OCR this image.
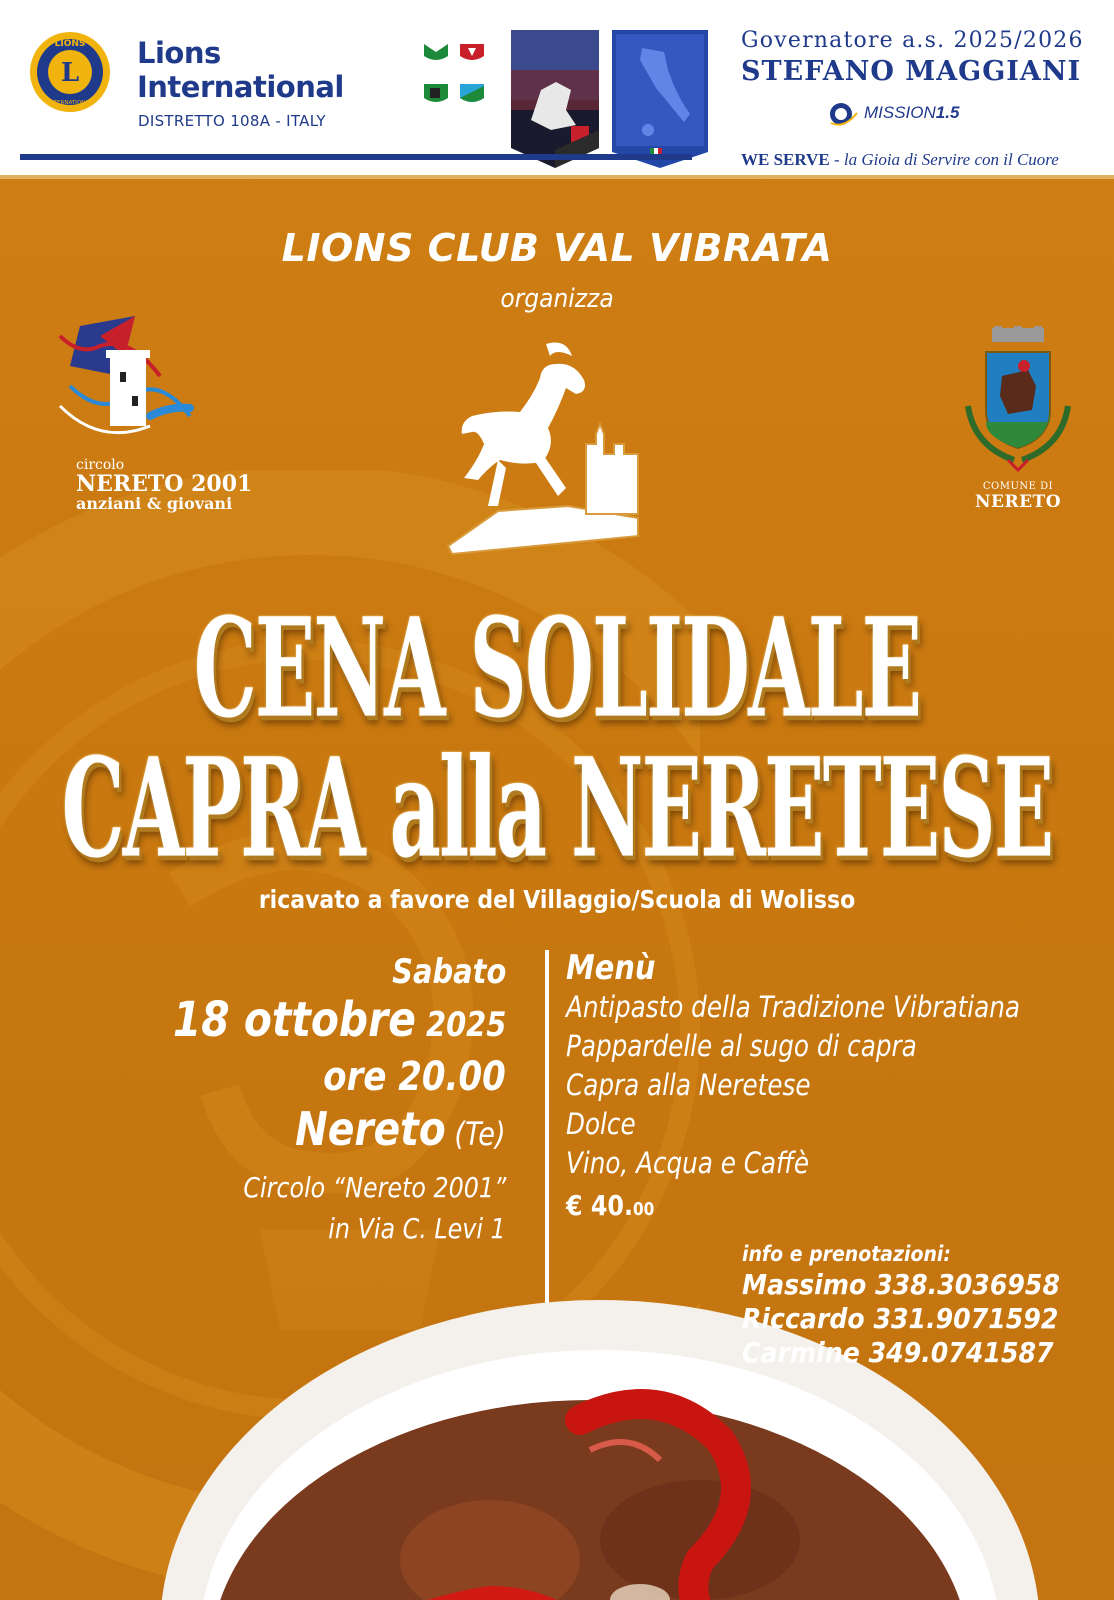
L
LIONS
INTERNATIONAL
Lions
International
DISTRETTO 108A - ITALY
Governatore a.s. 2025/2026
STEFANO MAGGIANI
MISSION1.5
WE SERVE - la Gioia di Servire con il Cuore
LIONS CLUB VAL VIBRATA
organizza
circolo
NERETO 2001
anziani & giovani
COMUNE DI
NERETO
CENA SOLIDALE
CAPRA alla NERETESE
ricavato a favore del Villaggio/Scuola di Wolisso
Sabato
18 ottobre 2025
ore 20.00
Nereto (Te)
Circolo “Nereto 2001”
in Via C. Levi 1
Menù
Antipasto della Tradizione Vibratiana
Pappardelle al sugo di capra
Capra alla Neretese
Dolce
Vino, Acqua e Caffè
€ 40.00
info e prenotazioni:
Massimo 338.3036958
Riccardo 331.9071592
Carmine 349.0741587
